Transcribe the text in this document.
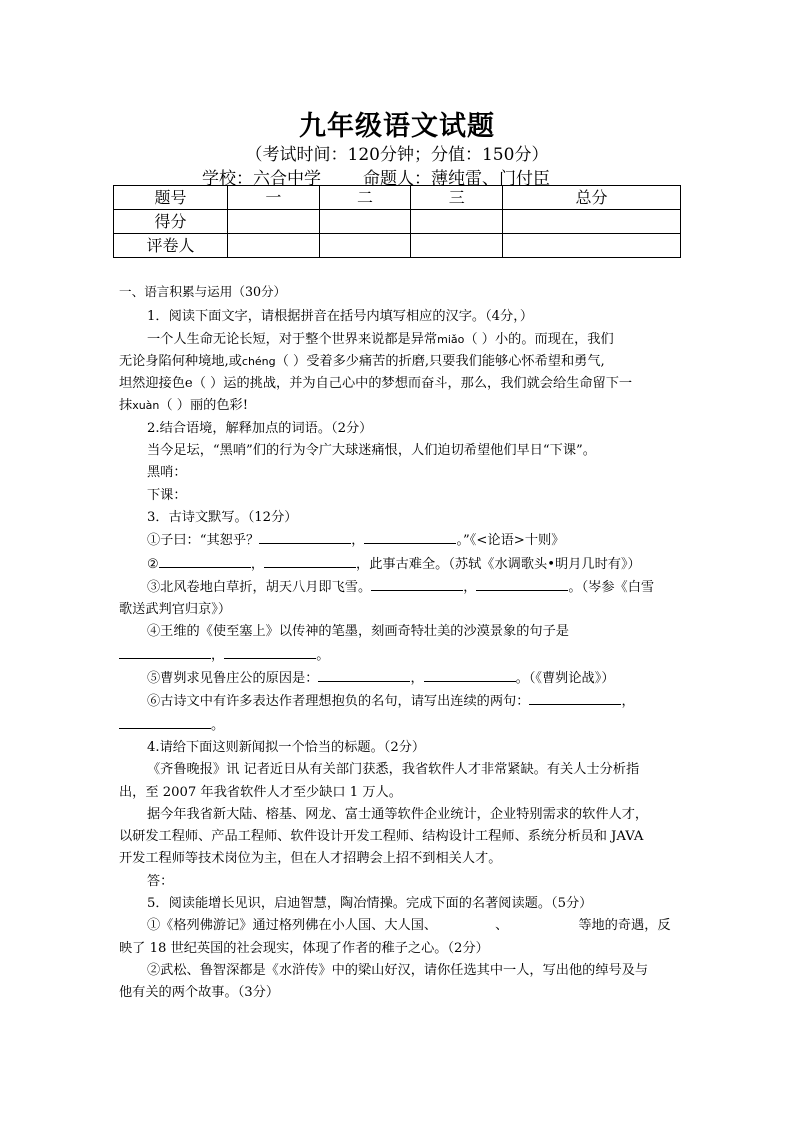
九年级语文试题
（考试时间：120分钟；分值：150分）
学校：六合中学 命题人：薄纯雷、门付臣
题号	一	二	三	总分
得分				
评卷人				

一、语言积累与运用（30分）

1．阅读下面文字，请根据拼音在括号内填写相应的汉字。（4分，）

一个人生命无论长短，对于整个世界来说都是异常miǎo（ ）小的。而现在，我们

无论身陷何种境地,或chéng（ ）受着多少痛苦的折磨,只要我们能够心怀希望和勇气,

坦然迎接色e（ ）运的挑战，并为自己心中的梦想而奋斗，那么，我们就会给生命留下一

抹xuàn（ ）丽的色彩!

2.结合语境，解释加点的词语。（2分）

当今足坛，“黑哨”们的行为令广大球迷痛恨，人们迫切希望他们早日“下课”。

黑哨：

下课：

3．古诗文默写。（12分）

①子曰：“其恕乎？	，	。”《<论语>十则》

②	，	，此事古难全。（苏轼《水调歌头•明月几时有》）

③北风卷地白草折，胡天八月即飞雪。	，	。（岑参《白雪

歌送武判官归京》）

④王维的《使至塞上》以传神的笔墨，刻画奇特壮美的沙漠景象的句子是

，	。

⑤曹刿求见鲁庄公的原因是：	，	。（《曹刿论战》）

⑥古诗文中有许多表达作者理想抱负的名句，请写出连续的两句：	，

。

4.请给下面这则新闻拟一个恰当的标题。（2分）

《齐鲁晚报》讯 记者近日从有关部门获悉，我省软件人才非常紧缺。有关人士分析指

出，至 2007 年我省软件人才至少缺口 1 万人。

据今年我省新大陆、榕基、网龙、富士通等软件企业统计，企业特别需求的软件人才，

以研发工程师、产品工程师、软件设计开发工程师、结构设计工程师、系统分析员和 JAVA

开发工程师等技术岗位为主，但在人才招聘会上招不到相关人才。

答：

5．阅读能增长见识，启迪智慧，陶冶情操。完成下面的名著阅读题。（5分）

①《格列佛游记》通过格列佛在小人国、大人国、	、	等地的奇遇，反

映了 18 世纪英国的社会现实，体现了作者的稚子之心。（2分）

②武松、鲁智深都是《水浒传》中的梁山好汉，请你任选其中一人，写出他的绰号及与

他有关的两个故事。（3分）
